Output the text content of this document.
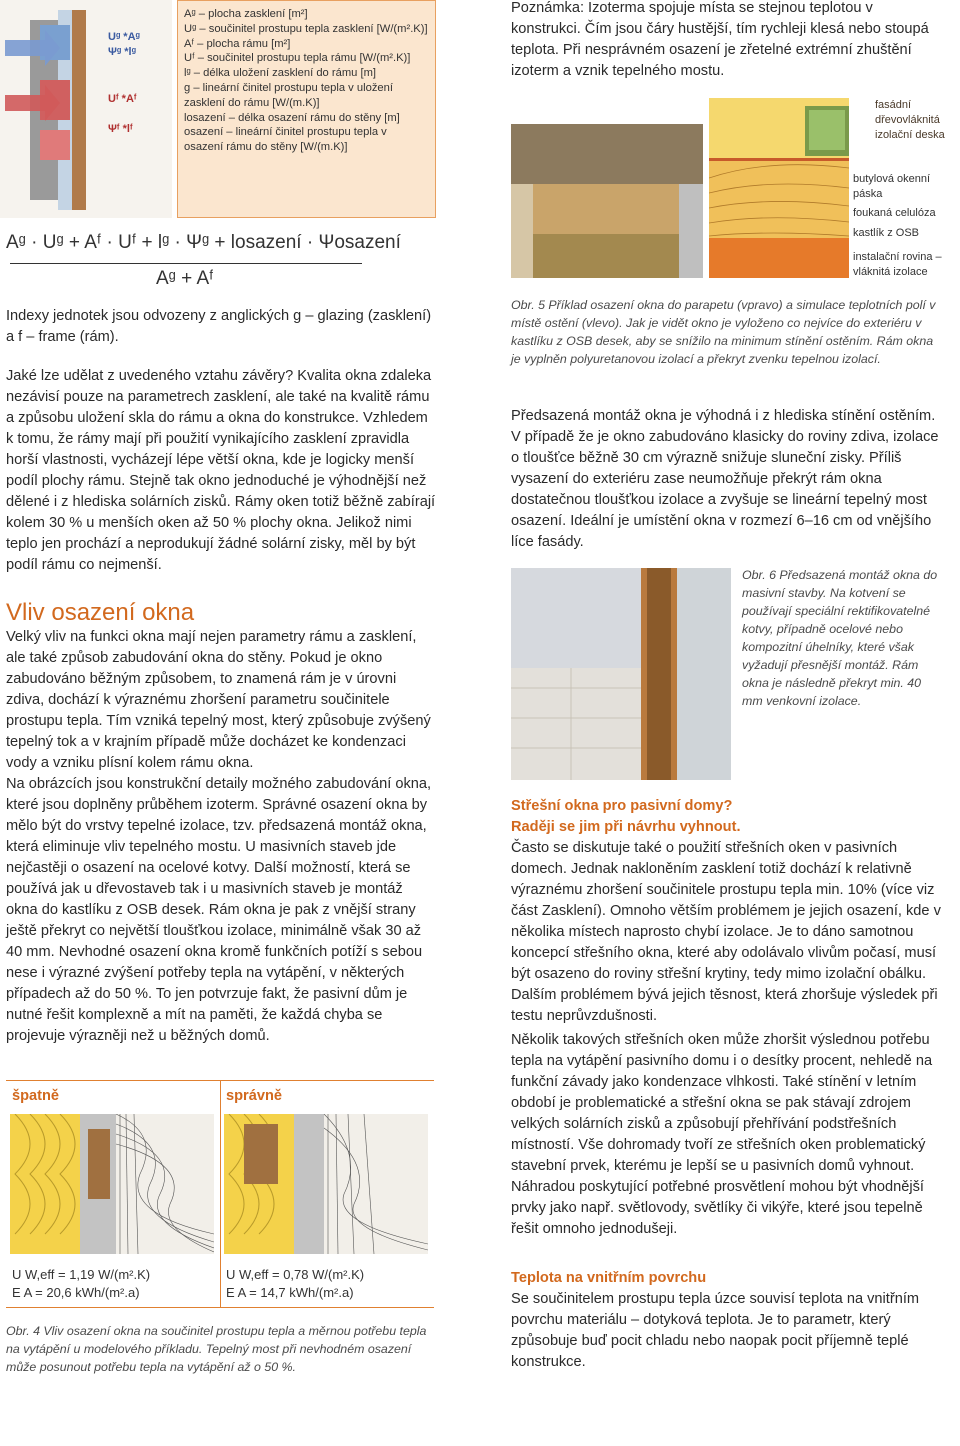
Uᵍ *Aᵍ
Ψᵍ *lᵍ
Uᶠ *Aᶠ
Ψᶠ *lᶠ

Aᵍ – plocha zasklení [m²]

Uᵍ – součinitel prostupu tepla zasklení [W/(m².K)]

Aᶠ – plocha rámu [m²]

Uᶠ – součinitel prostupu tepla rámu [W/(m².K)]

lᵍ – délka uložení zasklení do rámu [m]

g – lineární činitel prostupu tepla v uložení zasklení do rámu [W/(m.K)]

losazení – délka osazení rámu do stěny [m]

osazení – lineární činitel prostupu tepla v osazení rámu do stěny [W/(m.K)]

Aᵍ · Uᵍ + Aᶠ · Uᶠ + lᵍ · Ψᵍ + losazení · Ψosazení
Aᵍ + Aᶠ
Indexy jednotek jsou odvozeny z anglických g – glazing (zasklení) a f – frame (rám).
Jaké lze udělat z uvedeného vztahu závěry? Kvalita okna zdaleka nezávisí pouze na parametrech zasklení, ale také na kvalitě rámu a způsobu uložení skla do rámu a okna do konstrukce. Vzhledem k tomu, že rámy mají při použití vynikajícího zasklení zpravidla horší vlastnosti, vycházejí lépe větší okna, kde je logicky menší podíl plochy rámu. Stejně tak okno jednoduché je výhodnější než dělené i z hlediska solárních zisků. Rámy oken totiž běžně zabírají kolem 30 % u menších oken až 50 % plochy okna. Jelikož nimi teplo jen prochází a neprodukují žádné solární zisky, měl by být podíl rámu co nejmenší.
Vliv osazení okna
Velký vliv na funkci okna mají nejen parametry rámu a zasklení, ale také způsob zabudování okna do stěny. Pokud je okno zabudováno běžným způsobem, to znamená rám je v úrovni zdiva, dochází k výraznému zhoršení parametru součinitele prostupu tepla. Tím vzniká tepelný most, který způsobuje zvýšený tepelný tok a v krajním případě může docházet ke kondenzaci vody a vzniku plísní kolem rámu okna.
Na obrázcích jsou konstrukční detaily možného zabudování okna, které jsou doplněny průběhem izoterm. Správné osazení okna by mělo být do vrstvy tepelné izolace, tzv. předsazená montáž okna, která eliminuje vliv tepelného mostu. U masivních staveb jde nejčastěji o osazení na ocelové kotvy. Další možností, která se používá jak u dřevostaveb tak i u masivních staveb je montáž okna do kastlíku z OSB desek. Rám okna je pak z vnější strany ještě překryt co největší tloušťkou izolace, minimálně však 30 až 40 mm. Nevhodné osazení okna kromě funkčních potíží s sebou nese i výrazné zvýšení potřeby tepla na vytápění, v některých případech až do 50 %. To jen potvrzuje fakt, že pasivní dům je nutné řešit komplexně a mít na paměti, že každá chyba se projevuje výrazněji než u běžných domů.
špatně	správně
U W,eff = 1,19 W/(m².K)
E A = 20,6 kWh/(m².a)
U W,eff = 0,78 W/(m².K)
E A = 14,7 kWh/(m².a)
Obr. 4 Vliv osazení okna na součinitel prostupu tepla a měrnou potřebu tepla na vytápění u modelového příkladu. Tepelný most při nevhodném osazení může posunout potřebu tepla na vytápění až o 50 %.
Poznámka: Izoterma spojuje místa se stejnou teplotou v konstrukci. Čím jsou čáry hustější, tím rychleji klesá nebo stoupá teplota. Při nesprávném osazení je zřetelné extrémní zhuštění izoterm a vznik tepelného mostu.
fasádní dřevovláknitá izolační deska
butylová okenní páska
foukaná celulóza
kastlík z OSB
instalační rovina – vláknitá izolace
Obr. 5 Příklad osazení okna do parapetu (vpravo) a simulace teplotních polí v místě ostění (vlevo). Jak je vidět okno je vyloženo co nejvíce do exteriéru v kastlíku z OSB desek, aby se snížilo na minimum stínění ostěním. Rám okna je vyplněn polyuretanovou izolací a překryt zvenku tepelnou izolací.
Předsazená montáž okna je výhodná i z hlediska stínění ostěním. V případě že je okno zabudováno klasicky do roviny zdiva, izolace o tloušťce běžně 30 cm výrazně snižuje sluneční zisky. Příliš vysazení do exteriéru zase neumožňuje překrýt rám okna dostatečnou tloušťkou izolace a zvyšuje se lineární tepelný most osazení. Ideální je umístění okna v rozmezí 6–16 cm od vnějšího líce fasády.
Obr. 6 Předsazená montáž okna do masivní stavby. Na kotvení se používají speciální rektifikovatelné kotvy, případně ocelové nebo kompozitní úhelníky, které však vyžadují přesnější montáž. Rám okna je následně překryt min. 40 mm venkovní izolace.
Střešní okna pro pasivní domy?
Raději se jim při návrhu vyhnout.
Často se diskutuje také o použití střešních oken v pasivních domech. Jednak nakloněním zasklení totiž dochází k relativně výraznému zhoršení součinitele prostupu tepla min. 10% (více viz část Zasklení). Omnoho větším problémem je jejich osazení, kde v několika místech naprosto chybí izolace. Je to dáno samotnou koncepcí střešního okna, které aby odolávalo vlivům počasí, musí být osazeno do roviny střešní krytiny, tedy mimo izolační obálku. Dalším problémem bývá jejich těsnost, která zhoršuje výsledek při testu neprůvzdušnosti.
Několik takových střešních oken může zhoršit výslednou potřebu tepla na vytápění pasivního domu i o desítky procent, nehledě na funkční závady jako kondenzace vlhkosti. Také stínění v letním období je problematické a střešní okna se pak stávají zdrojem velkých solárních zisků a způsobují přehřívání podstřešních místností. Vše dohromady tvoří ze střešních oken problematický stavební prvek, kterému je lepší se u pasivních domů vyhnout. Náhradou poskytující potřebné prosvětlení mohou být vhodnější prvky jako např. světlovody, světlíky či vikýře, které jsou tepelně řešit omnoho jednodušeji.
Teplota na vnitřním povrchu
Se součinitelem prostupu tepla úzce souvisí teplota na vnitřním povrchu materiálu – dotyková teplota. Je to parametr, který způsobuje buď pocit chladu nebo naopak pocit příjemně teplé konstrukce.
